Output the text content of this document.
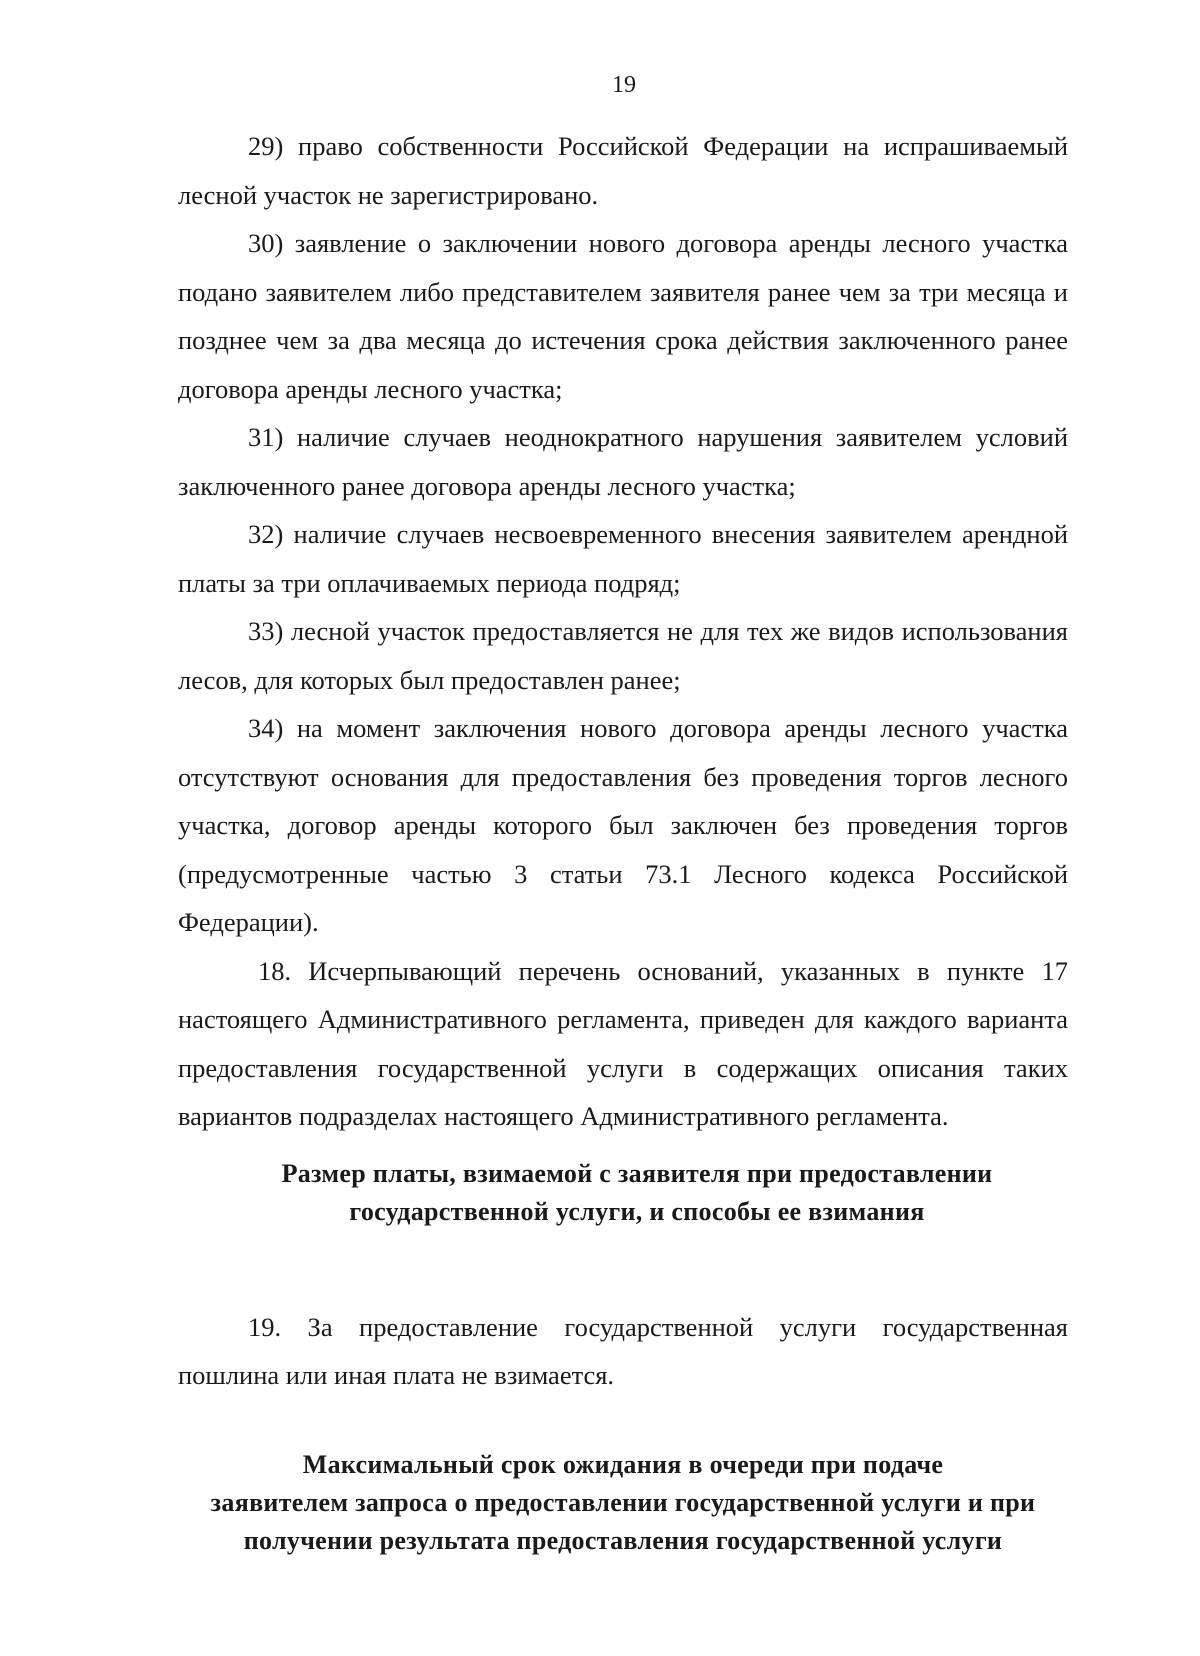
19

29) право собственности Российской Федерации на испрашиваемый лесной участок не зарегистрировано.

30) заявление о заключении нового договора аренды лесного участка подано заявителем либо представителем заявителя ранее чем за три месяца и позднее чем за два месяца до истечения срока действия заключенного ранее договора аренды лесного участка;

31) наличие случаев неоднократного нарушения заявителем условий заключенного ранее договора аренды лесного участка;

32) наличие случаев несвоевременного внесения заявителем арендной платы за три оплачиваемых периода подряд;

33) лесной участок предоставляется не для тех же видов использования лесов, для которых был предоставлен ранее;

34) на момент заключения нового договора аренды лесного участка отсутствуют основания для предоставления без проведения торгов лесного участка, договор аренды которого был заключен без проведения торгов (предусмотренные частью 3 статьи 73.1 Лесного кодекса Российской Федерации).

18. Исчерпывающий перечень оснований, указанных в пункте 17 настоящего Административного регламента, приведен для каждого варианта предоставления государственной услуги в содержащих описания таких вариантов подразделах настоящего Административного регламента.

Размер платы, взимаемой с заявителя при предоставлении
государственной услуги, и способы ее взимания

19. За предоставление государственной услуги государственная пошлина или иная плата не взимается.

Максимальный срок ожидания в очереди при подаче
заявителем запроса о предоставлении государственной услуги и при
получении результата предоставления государственной услуги
